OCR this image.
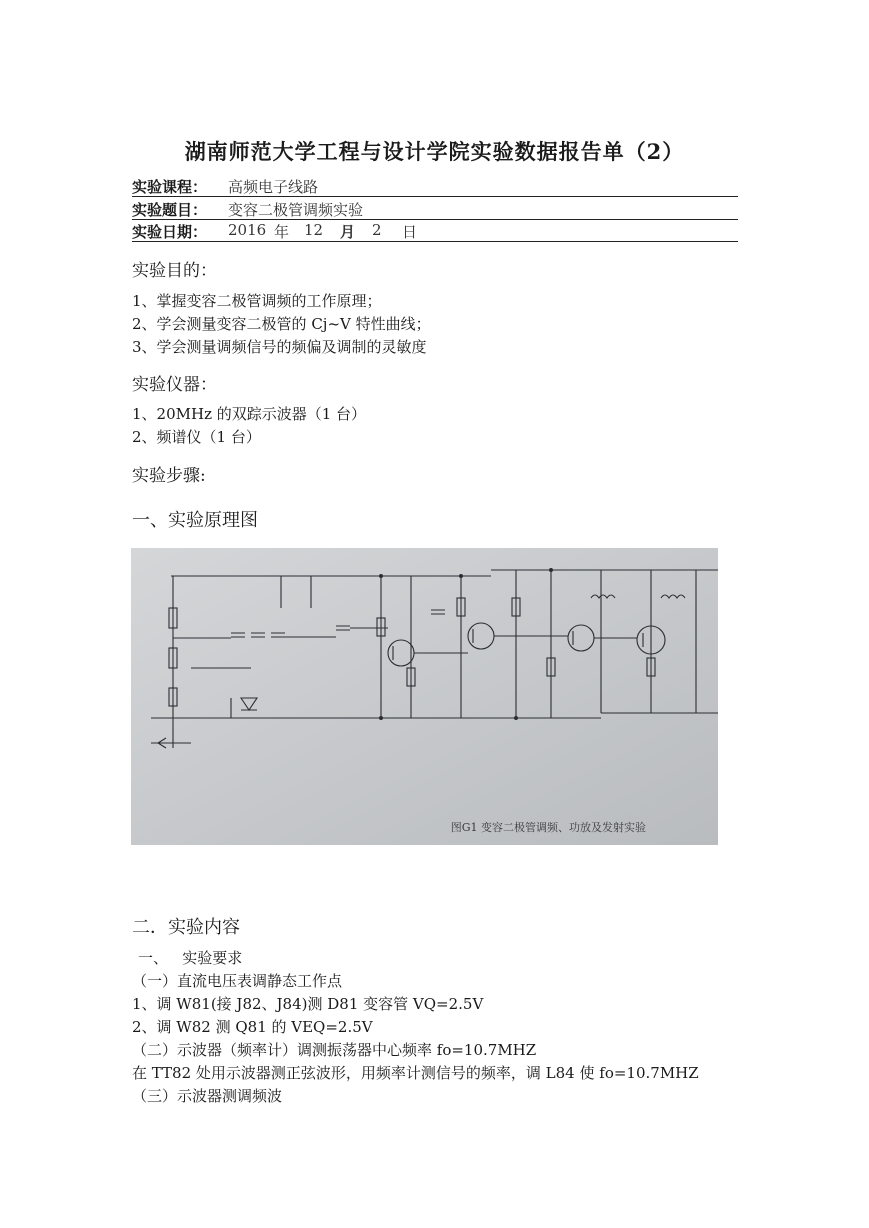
湖南师范大学工程与设计学院实验数据报告单（2）
实验课程： 高频电子线路
实验题目： 变容二极管调频实验
实验日期： 2016 年 12 月 2 日
实验目的：
1、掌握变容二极管调频的工作原理；
2、学会测量变容二极管的 Cj~V 特性曲线；
3、学会测量调频信号的频偏及调制的灵敏度
实验仪器：
1、20MHz 的双踪示波器（1 台）
2、频谱仪（1 台）
实验步骤:
一、实验原理图
图G1 变容二极管调频、功放及发射实验
二．实验内容
一、   实验要求
（一）直流电压表调静态工作点
1、调 W81(接 J82、J84)测 D81 变容管 VQ=2.5V
2、调 W82 测 Q81 的 VEQ=2.5V
（二）示波器（频率计）调测振荡器中心频率 fo=10.7MHZ
在 TT82 处用示波器测正弦波形，用频率计测信号的频率，调 L84 使 fo=10.7MHZ
（三）示波器测调频波
